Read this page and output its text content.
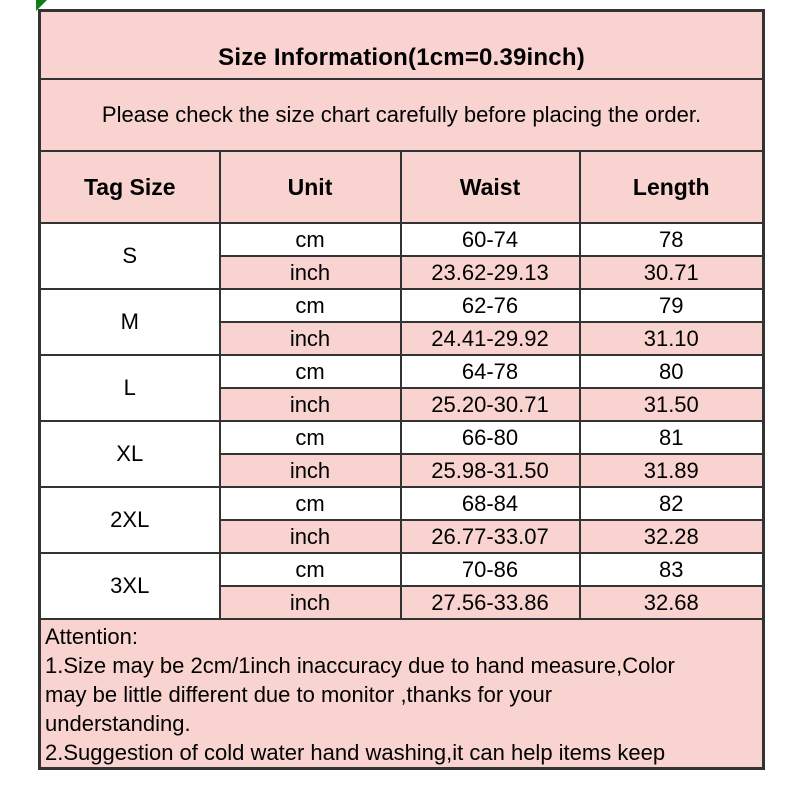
Size Information(1cm=0.39inch)			
Please check the size chart carefully before placing the order.			
Tag Size	Unit	Waist	Length
S	cm	60-74	78
	inch	23.62-29.13	30.71
M	cm	62-76	79
	inch	24.41-29.92	31.10
L	cm	64-78	80
	inch	25.20-30.71	31.50
XL	cm	66-80	81
	inch	25.98-31.50	31.89
2XL	cm	68-84	82
	inch	26.77-33.07	32.28
3XL	cm	70-86	83
	inch	27.56-33.86	32.68

Attention:
1.Size may be 2cm/1inch inaccuracy due to hand measure,Color
may be little different due to monitor ,thanks for your
understanding.
2.Suggestion of cold water hand washing,it can help items keep			
